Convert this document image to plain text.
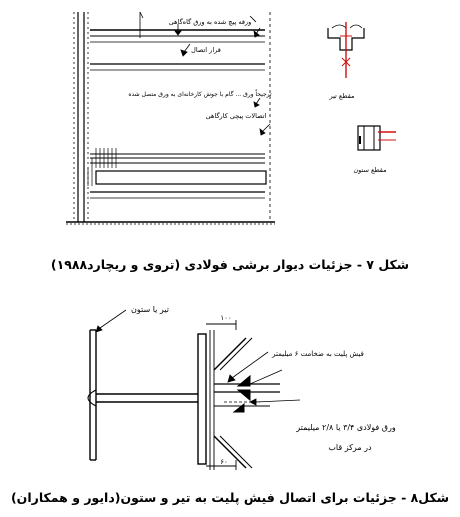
ورقه پیچ شده به ورق گاه‌گاهی
قرار اتصال
ترجیحاً ورق ... گام با جوش کارخانه‌ای به ورق متصل شده
اتصالات پیچی کارگاهی
مقطع تیر
مقطع ستون
شکل ۷ - جزئیات دیوار برشی فولادی (تروی و ریچارد۱۹۸۸)
تیر یا ستون
۱۰۰
فیش پلیت به ضخامت ۶ میلیمتر
ورق فولادی ۳/۴ یا ۲/۸ میلیمتر
در مرکز قاب
۶۰
شکل۸ - جزئیات برای اتصال فیش پلیت به تیر و ستون(دایور و همکاران)
